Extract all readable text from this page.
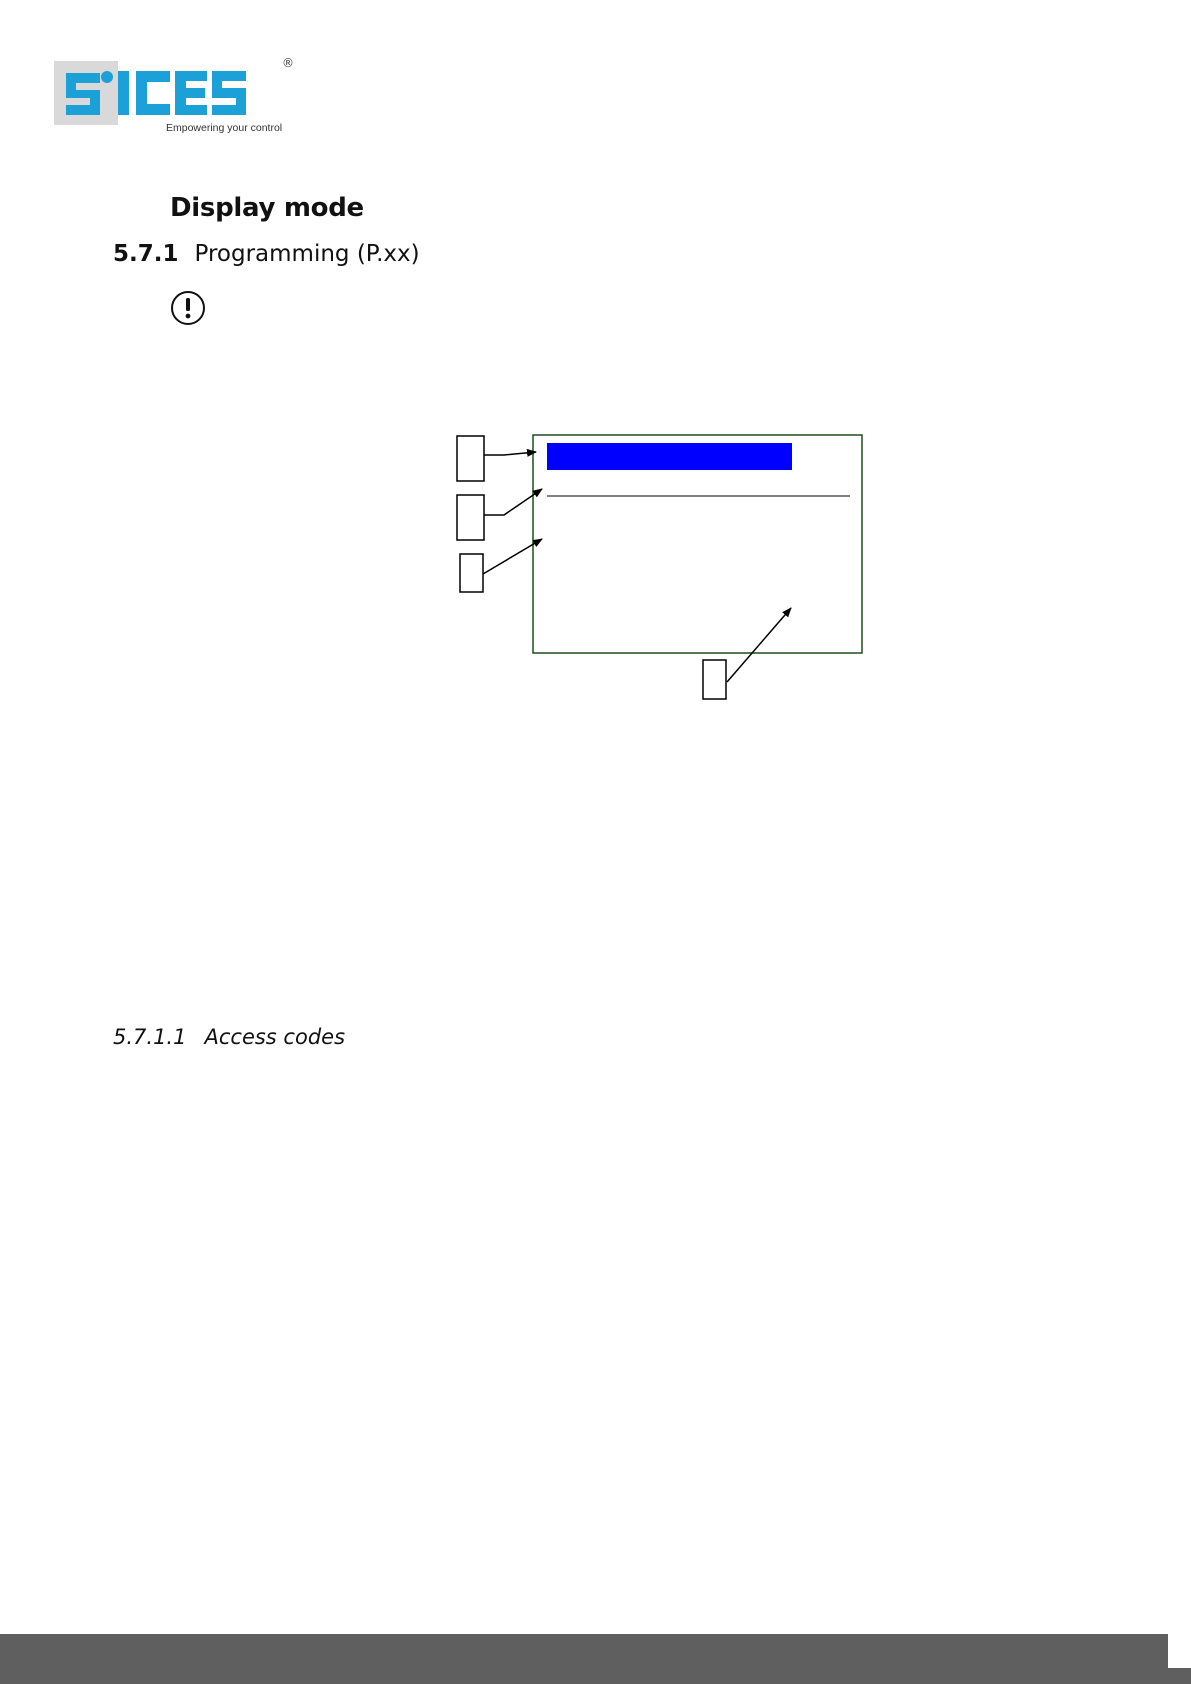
®
Empowering your control
Display mode
5.7.1 Programming (P.xx)
5.7.1.1 Access codes
